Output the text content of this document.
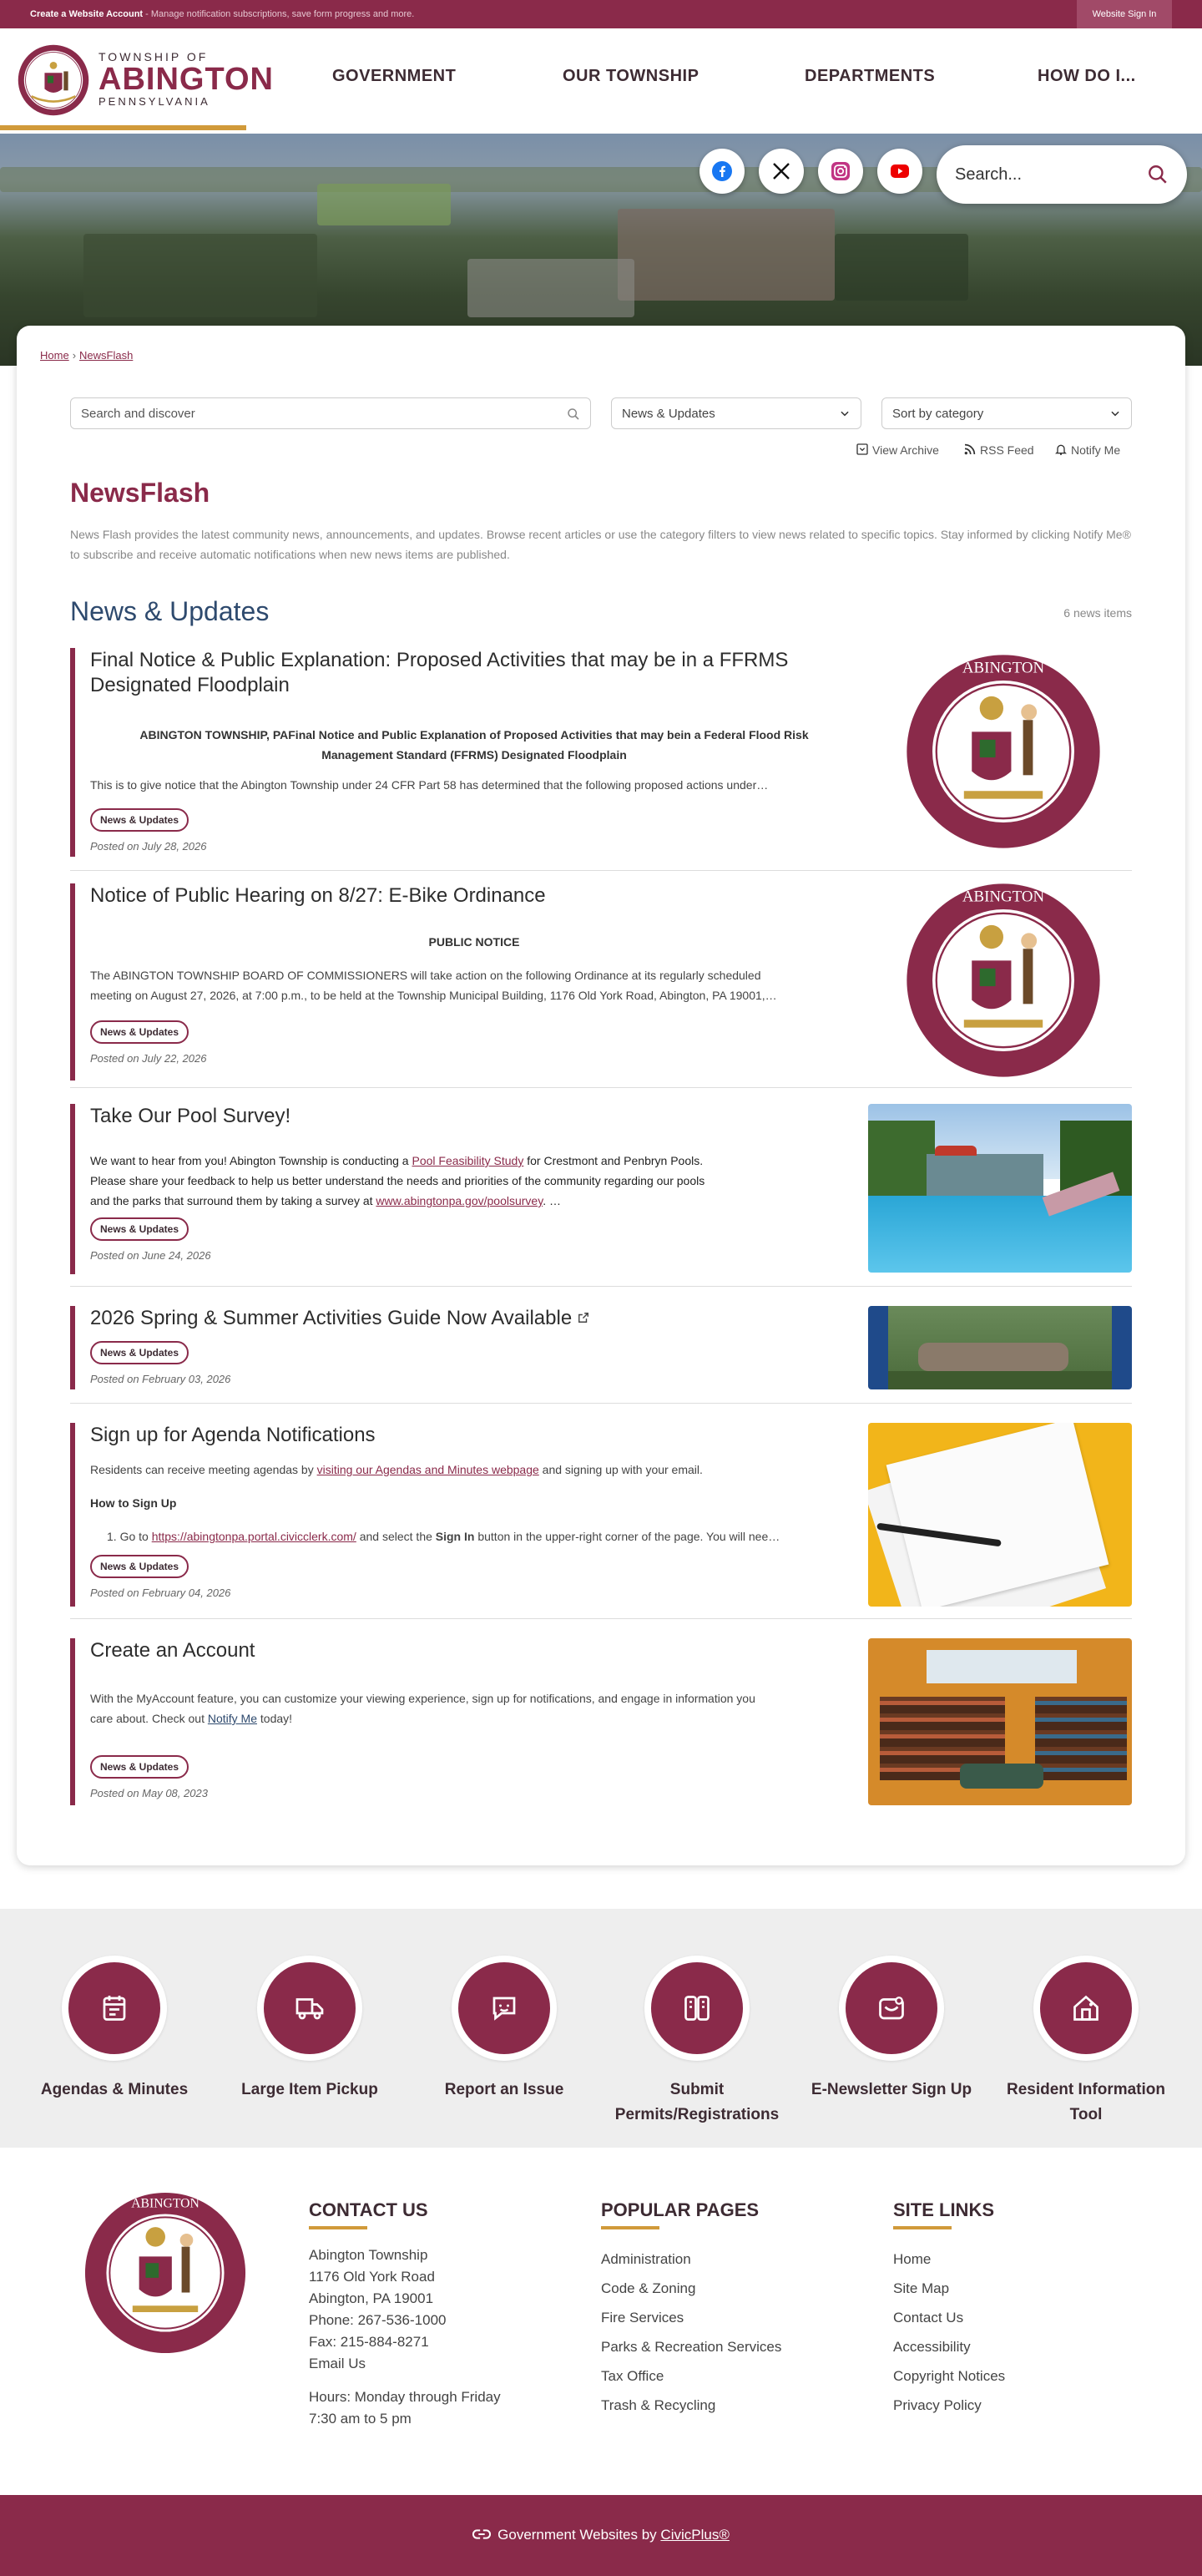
Create a Website Account - Manage notification subscriptions, save form progress and more.	Website Sign In
TOWNSHIP OF
ABINGTON
PENNSYLVANIA
GOVERNMENT	OUR TOWNSHIP	DEPARTMENTS	HOW DO I...
Search...
Home › NewsFlash
Search and discover	News & Updates	Sort by category
View Archive	RSS Feed	Notify Me
NewsFlash
News Flash provides the latest community news, announcements, and updates. Browse recent articles or use the category filters to view news related to specific topics. Stay informed by clicking Notify Me® to subscribe and receive automatic notifications when new news items are published.
News & Updates	6 news items
Final Notice & Public Explanation: Proposed Activities that may be in a FFRMS
Designated Floodplain
ABINGTON TOWNSHIP, PAFinal Notice and Public Explanation of Proposed Activities that may bein a Federal Flood Risk
Management Standard (FFRMS) Designated Floodplain
This is to give notice that the Abington Township under 24 CFR Part 58 has determined that the following proposed actions under…
News & Updates
Posted on July 28, 2026
ABINGTON
Notice of Public Hearing on 8/27: E-Bike Ordinance
PUBLIC NOTICE
The ABINGTON TOWNSHIP BOARD OF COMMISSIONERS will take action on the following Ordinance at its regularly scheduled
meeting on August 27, 2026, at 7:00 p.m., to be held at the Township Municipal Building, 1176 Old York Road, Abington, PA 19001,…
News & Updates
Posted on July 22, 2026
ABINGTON
Take Our Pool Survey!
We want to hear from you! Abington Township is conducting a Pool Feasibility Study for Crestmont and Penbryn Pools.
Please share your feedback to help us better understand the needs and priorities of the community regarding our pools
and the parks that surround them by taking a survey at www.abingtonpa.gov/poolsurvey. …
News & Updates
Posted on June 24, 2026
2026 Spring & Summer Activities Guide Now Available
News & Updates
Posted on February 03, 2026
Sign up for Agenda Notifications
Residents can receive meeting agendas by visiting our Agendas and Minutes webpage and signing up with your email.
How to Sign Up
1. Go to https://abingtonpa.portal.civicclerk.com/ and select the Sign In button in the upper-right corner of the page. You will nee…
News & Updates
Posted on February 04, 2026
Create an Account
With the MyAccount feature, you can customize your viewing experience, sign up for notifications, and engage in information you
care about. Check out Notify Me today!
News & Updates
Posted on May 08, 2023
Agendas & Minutes	Large Item Pickup	Report an Issue	Submit Permits/Registrations
E-Newsletter Sign Up	Resident Information Tool
ABINGTON	CONTACT US
Abington Township
1176 Old York Road
Abington, PA 19001
Phone: 267-536-1000
Fax: 215-884-8271
Email Us
Hours: Monday through Friday
7:30 am to 5 pm
POPULAR PAGES
Administration
Code & Zoning
Fire Services
Parks & Recreation Services
Tax Office
Trash & Recycling
SITE LINKS
Home
Site Map
Contact Us
Accessibility
Copyright Notices
Privacy Policy
Government Websites by CivicPlus®
